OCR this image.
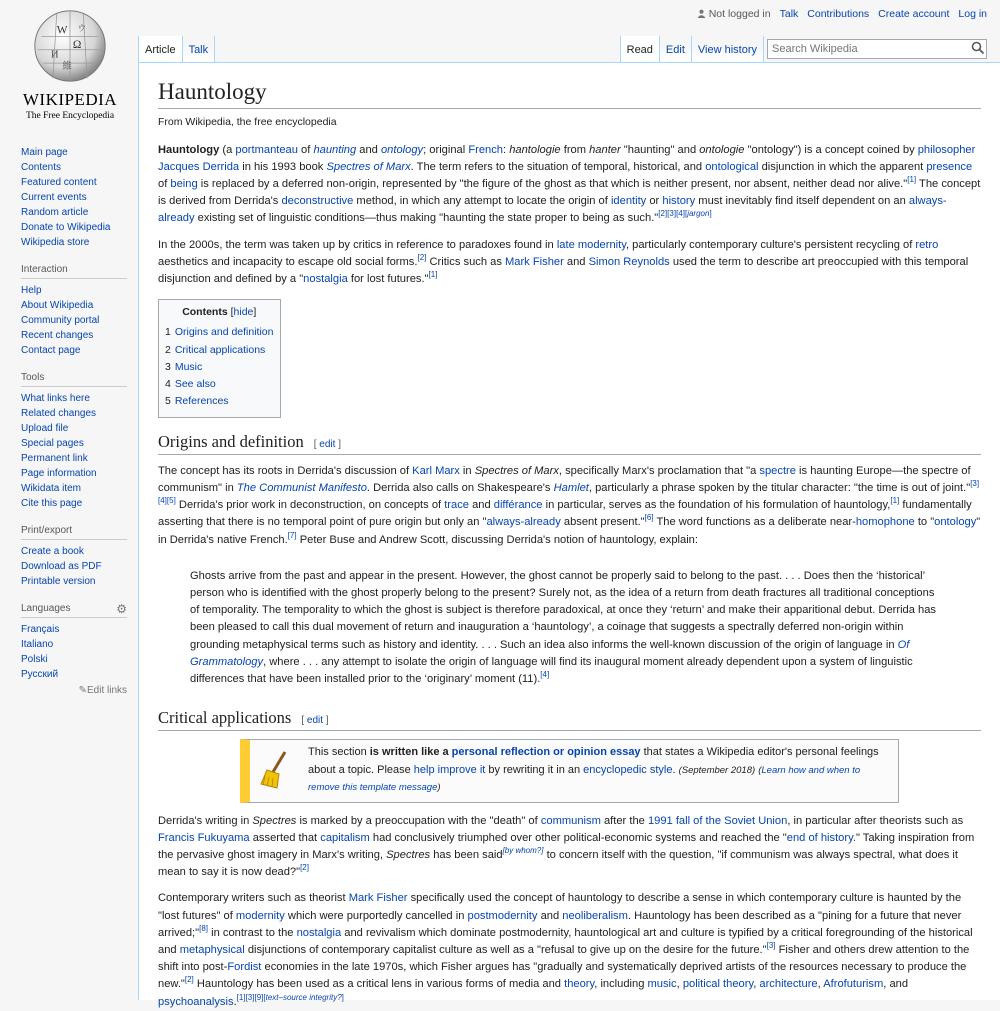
Not logged in Talk Contributions Create account Log in
W
Ω
И
ウ
維
WIKIPEDIA
The Free Encyclopedia
Main page
Contents
Featured content
Current events
Random article
Donate to Wikipedia
Wikipedia store
Interaction
Help
About Wikipedia
Community portal
Recent changes
Contact page
Tools
What links here
Related changes
Upload file
Special pages
Permanent link
Page information
Wikidata item
Cite this page
Print/export
Create a book
Download as PDF
Printable version
Languages	⚙
Français
Italiano
Polski
Русский
✎Edit links
Article	Talk	Read	Edit	View history
Search Wikipedia
Hauntology
From Wikipedia, the free encyclopedia

Hauntology (a portmanteau of haunting and ontology; original French: hantologie from hanter "haunting" and ontologie "ontology") is a concept coined by philosopher Jacques Derrida in his 1993 book Spectres of Marx. The term refers to the situation of temporal, historical, and ontological disjunction in which the apparent presence of being is replaced by a deferred non-origin, represented by "the figure of the ghost as that which is neither present, nor absent, neither dead nor alive."[1] The concept is derived from Derrida's deconstructive method, in which any attempt to locate the origin of identity or history must inevitably find itself dependent on an always-already existing set of linguistic conditions—thus making "haunting the state proper to being as such."[2][3][4][jargon]

In the 2000s, the term was taken up by critics in reference to paradoxes found in late modernity, particularly contemporary culture's persistent recycling of retro aesthetics and incapacity to escape old social forms.[2] Critics such as Mark Fisher and Simon Reynolds used the term to describe art preoccupied with this temporal disjunction and defined by a "nostalgia for lost futures."[1]

Contents [hide]
1 Origins and definition
2 Critical applications
3 Music
4 See also
5 References
Origins and definition [ edit ]

The concept has its roots in Derrida's discussion of Karl Marx in Spectres of Marx, specifically Marx's proclamation that "a spectre is haunting Europe—the spectre of communism" in The Communist Manifesto. Derrida also calls on Shakespeare's Hamlet, particularly a phrase spoken by the titular character: "the time is out of joint."[3][4][5] Derrida's prior work in deconstruction, on concepts of trace and différance in particular, serves as the foundation of his formulation of hauntology,[1] fundamentally asserting that there is no temporal point of pure origin but only an "always-already absent present."[6] The word functions as a deliberate near-homophone to "ontology" in Derrida's native French.[7] Peter Buse and Andrew Scott, discussing Derrida's notion of hauntology, explain:

Ghosts arrive from the past and appear in the present. However, the ghost cannot be properly said to belong to the past. . . . Does then the ‘historical’ person who is identified with the ghost properly belong to the present? Surely not, as the idea of a return from death fractures all traditional conceptions of temporality. The temporality to which the ghost is subject is therefore paradoxical, at once they ‘return’ and make their apparitional debut. Derrida has been pleased to call this dual movement of return and inauguration a ‘hauntology’, a coinage that suggests a spectrally deferred non-origin within grounding metaphysical terms such as history and identity. . . . Such an idea also informs the well-known discussion of the origin of language in Of Grammatology, where . . . any attempt to isolate the origin of language will find its inaugural moment already dependent upon a system of linguistic differences that have been installed prior to the ‘originary’ moment (11).[4]
Critical applications [ edit ]
This section is written like a personal reflection or opinion essay that states a Wikipedia editor's personal feelings about a topic. Please help improve it by rewriting it in an encyclopedic style. (September 2018) (Learn how and when to remove this template message)

Derrida's writing in Spectres is marked by a preoccupation with the "death" of communism after the 1991 fall of the Soviet Union, in particular after theorists such as Francis Fukuyama asserted that capitalism had conclusively triumphed over other political-economic systems and reached the "end of history." Taking inspiration from the pervasive ghost imagery in Marx's writing, Spectres has been said[by whom?] to concern itself with the question, "if communism was always spectral, what does it mean to say it is now dead?"[2]

Contemporary writers such as theorist Mark Fisher specifically used the concept of hauntology to describe a sense in which contemporary culture is haunted by the "lost futures" of modernity which were purportedly cancelled in postmodernity and neoliberalism. Hauntology has been described as a "pining for a future that never arrived;"[8] in contrast to the nostalgia and revivalism which dominate postmodernity, hauntological art and culture is typified by a critical foregrounding of the historical and metaphysical disjunctions of contemporary capitalist culture as well as a "refusal to give up on the desire for the future."[3] Fisher and others drew attention to the shift into post-Fordist economies in the late 1970s, which Fisher argues has "gradually and systematically deprived artists of the resources necessary to produce the new."[2] Hauntology has been used as a critical lens in various forms of media and theory, including music, political theory, architecture, Afrofuturism, and psychoanalysis.[1][3][9][text–source integrity?]
